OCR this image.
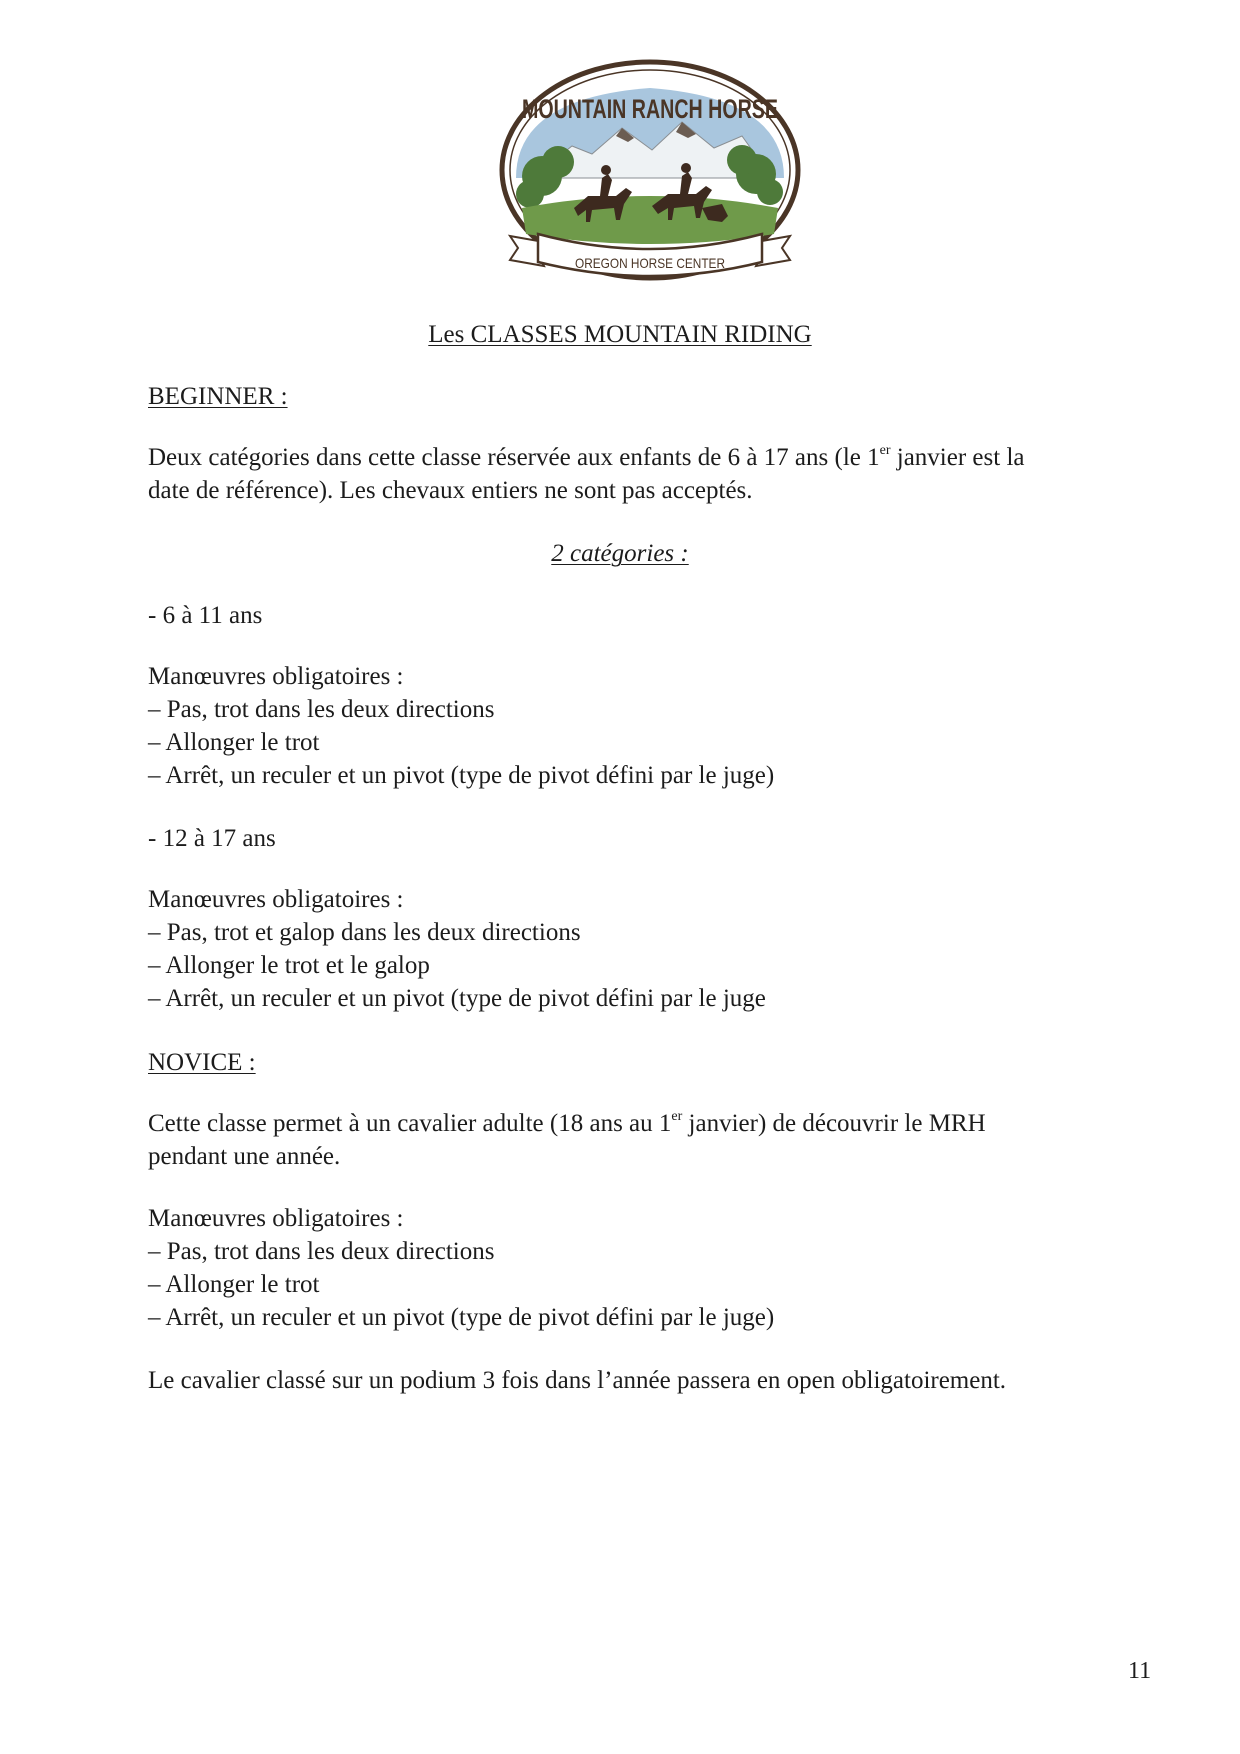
MOUNTAIN RANCH HORSE
OREGON HORSE CENTER

Les CLASSES MOUNTAIN RIDING

BEGINNER :

Deux catégories dans cette classe réservée aux enfants de 6 à 17 ans (le 1er janvier est la

date de référence). Les chevaux entiers ne sont pas acceptés.

2 catégories :

- 6 à 11 ans

Manœuvres obligatoires :

– Pas, trot dans les deux directions
– Allonger le trot
– Arrêt, un reculer et un pivot (type de pivot défini par le juge)

- 12 à 17 ans

Manœuvres obligatoires :

– Pas, trot et galop dans les deux directions
– Allonger le trot et le galop
– Arrêt, un reculer et un pivot (type de pivot défini par le juge

NOVICE :

Cette classe permet à un cavalier adulte (18 ans au 1er janvier) de découvrir le MRH

pendant une année.

Manœuvres obligatoires :

– Pas, trot dans les deux directions
– Allonger le trot
– Arrêt, un reculer et un pivot (type de pivot défini par le juge)

Le cavalier classé sur un podium 3 fois dans l’année passera en open obligatoirement.

11
